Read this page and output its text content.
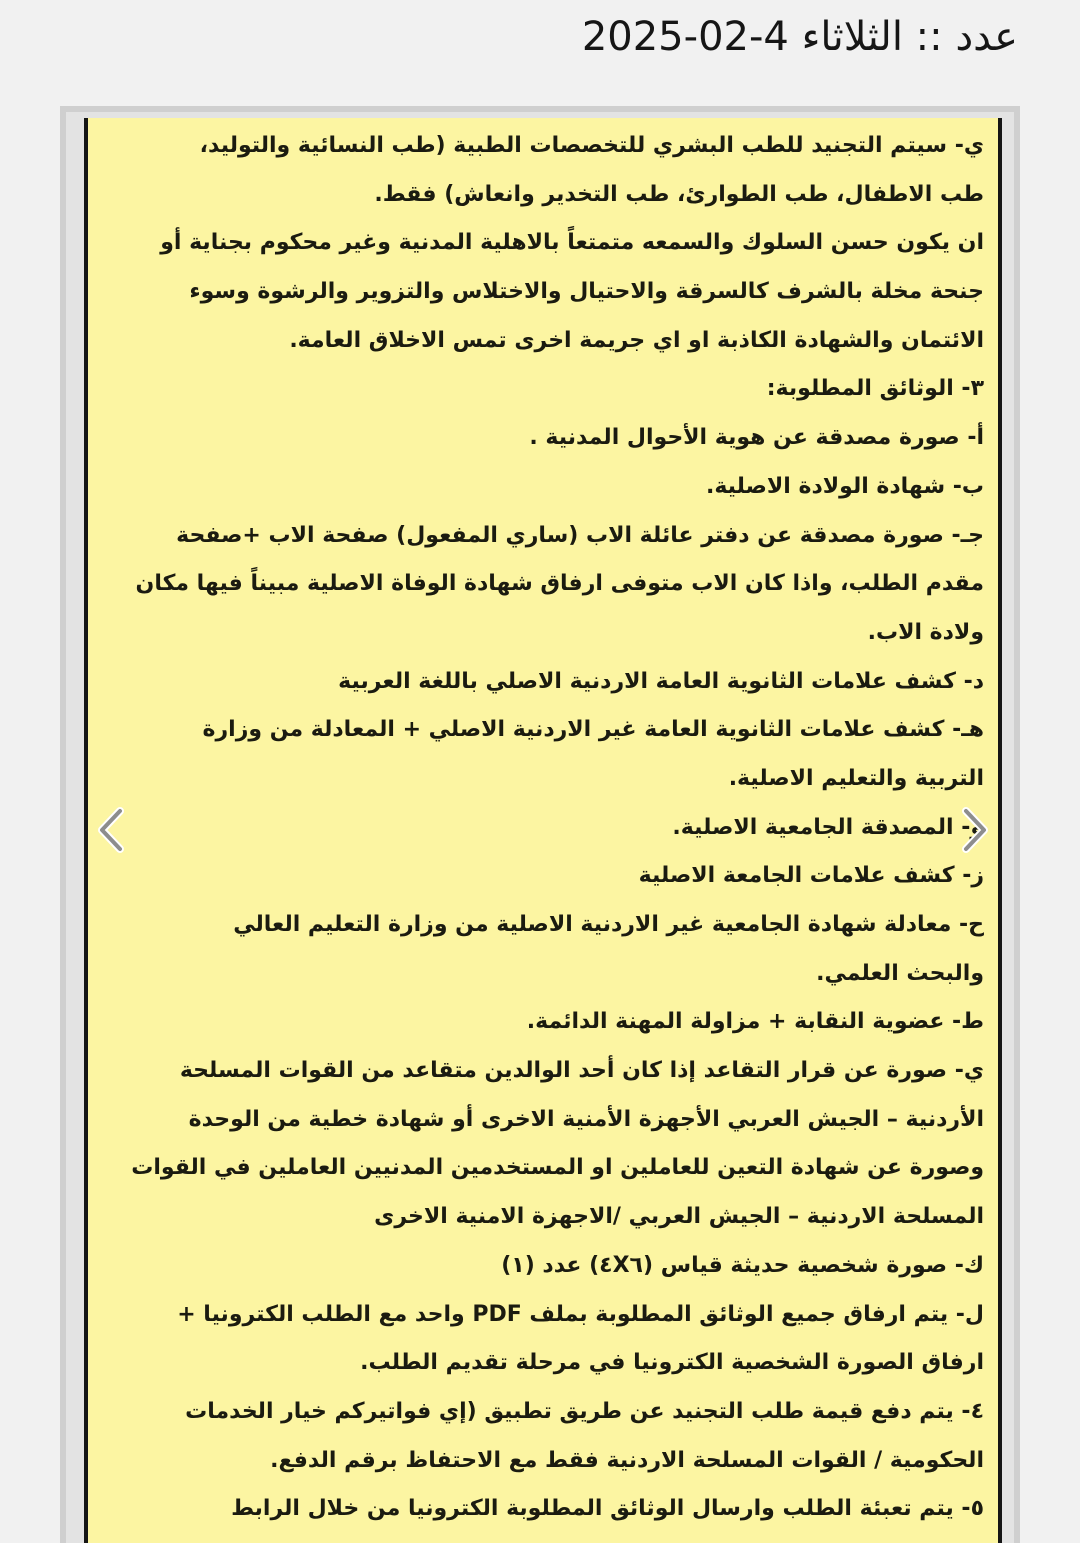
عدد :: الثلاثاء 4-02-2025
ي- سيتم التجنيد للطب البشري للتخصصات الطبية (طب النسائية والتوليد،
طب الاطفال، طب الطوارئ، طب التخدير وانعاش) فقط.
ان يكون حسن السلوك والسمعه متمتعاً بالاهلية المدنية وغير محكوم بجناية أو
جنحة مخلة بالشرف كالسرقة والاحتيال والاختلاس والتزوير والرشوة وسوء
الائتمان والشهادة الكاذبة او اي جريمة اخرى تمس الاخلاق العامة.
٣- الوثائق المطلوبة:
أ- صورة مصدقة عن هوية الأحوال المدنية .
ب- شهادة الولادة الاصلية.
جـ- صورة مصدقة عن دفتر عائلة الاب (ساري المفعول) صفحة الاب +صفحة
مقدم الطلب، واذا كان الاب متوفى ارفاق شهادة الوفاة الاصلية مبيناً فيها مكان
ولادة الاب.
د- كشف علامات الثانوية العامة الاردنية الاصلي باللغة العربية
هـ- كشف علامات الثانوية العامة غير الاردنية الاصلي + المعادلة من وزارة
التربية والتعليم الاصلية.
و- المصدقة الجامعية الاصلية.
ز- كشف علامات الجامعة الاصلية
ح- معادلة شهادة الجامعية غير الاردنية الاصلية من وزارة التعليم العالي
والبحث العلمي.
ط- عضوية النقابة + مزاولة المهنة الدائمة.
ي- صورة عن قرار التقاعد إذا كان أحد الوالدين متقاعد من القوات المسلحة
الأردنية – الجيش العربي الأجهزة الأمنية الاخرى أو شهادة خطية من الوحدة
وصورة عن شهادة التعين للعاملين او المستخدمين المدنيين العاملين في القوات
المسلحة الاردنية – الجيش العربي /الاجهزة الامنية الاخرى
ك- صورة شخصية حديثة قياس (٤X٦) عدد (١)
ل- يتم ارفاق جميع الوثائق المطلوبة بملف PDF واحد مع الطلب الكترونيا +
ارفاق الصورة الشخصية الكترونيا في مرحلة تقديم الطلب.
٤- يتم دفع قيمة طلب التجنيد عن طريق تطبيق (إي فواتيركم خيار الخدمات
الحكومية / القوات المسلحة الاردنية فقط مع الاحتفاظ برقم الدفع.
٥- يتم تعبئة الطلب وارسال الوثائق المطلوبة الكترونيا من خلال الرابط
